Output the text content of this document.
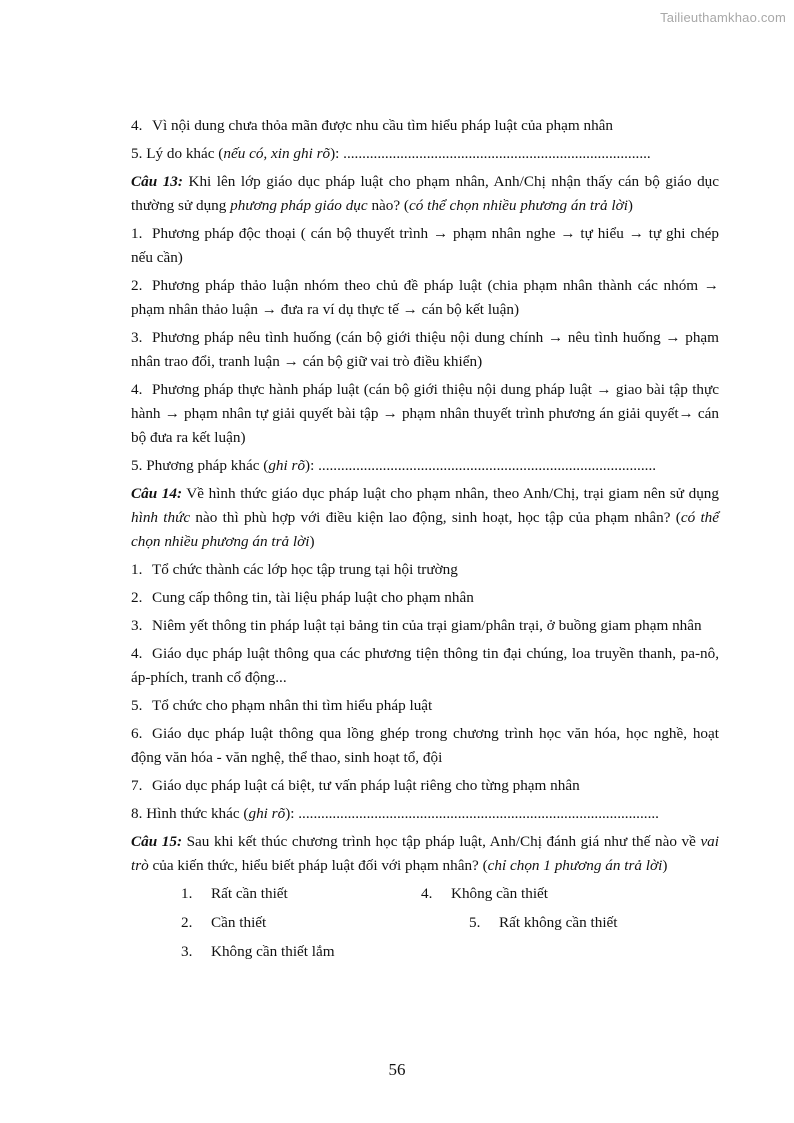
Tailieuthamkhao.com

4. Vì nội dung chưa thỏa mãn được nhu cầu tìm hiểu pháp luật của phạm nhân

5. Lý do khác (nếu có, xin ghi rõ): .................................................................................

Câu 13: Khi lên lớp giáo dục pháp luật cho phạm nhân, Anh/Chị nhận thấy cán bộ giáo dục thường sử dụng phương pháp giáo dục nào? (có thể chọn nhiều phương án trả lời)

1. Phương pháp độc thoại ( cán bộ thuyết trình → phạm nhân nghe → tự hiểu → tự ghi chép nếu cần)

2. Phương pháp thảo luận nhóm theo chủ đề pháp luật (chia phạm nhân thành các nhóm → phạm nhân thảo luận → đưa ra ví dụ thực tế → cán bộ kết luận)

3. Phương pháp nêu tình huống (cán bộ giới thiệu nội dung chính → nêu tình huống → phạm nhân trao đổi, tranh luận → cán bộ giữ vai trò điều khiển)

4. Phương pháp thực hành pháp luật (cán bộ giới thiệu nội dung pháp luật → giao bài tập thực hành → phạm nhân tự giải quyết bài tập → phạm nhân thuyết trình phương án giải quyết→ cán bộ đưa ra kết luận)

5. Phương pháp khác (ghi rõ): .........................................................................................

Câu 14: Về hình thức giáo dục pháp luật cho phạm nhân, theo Anh/Chị, trại giam nên sử dụng hình thức nào thì phù hợp với điều kiện lao động, sinh hoạt, học tập của phạm nhân? (có thể chọn nhiều phương án trả lời)

1. Tổ chức thành các lớp học tập trung tại hội trường

2. Cung cấp thông tin, tài liệu pháp luật cho phạm nhân

3. Niêm yết thông tin pháp luật tại bảng tin của trại giam/phân trại, ở buồng giam phạm nhân

4. Giáo dục pháp luật thông qua các phương tiện thông tin đại chúng, loa truyền thanh, pa-nô, áp-phích, tranh cổ động...

5. Tổ chức cho phạm nhân thi tìm hiểu pháp luật

6. Giáo dục pháp luật thông qua lồng ghép trong chương trình học văn hóa, học nghề, hoạt động văn hóa - văn nghệ, thể thao, sinh hoạt tổ, đội

7. Giáo dục pháp luật cá biệt, tư vấn pháp luật riêng cho từng phạm nhân

8. Hình thức khác (ghi rõ): ...............................................................................................

Câu 15: Sau khi kết thúc chương trình học tập pháp luật, Anh/Chị đánh giá như thế nào về vai trò của kiến thức, hiểu biết pháp luật đối với phạm nhân? (chỉ chọn 1 phương án trả lời)

1. Rất cần thiết	4. Không cần thiết
2. Cần thiết	5. Rất không cần thiết
3. Không cần thiết lắm
56
